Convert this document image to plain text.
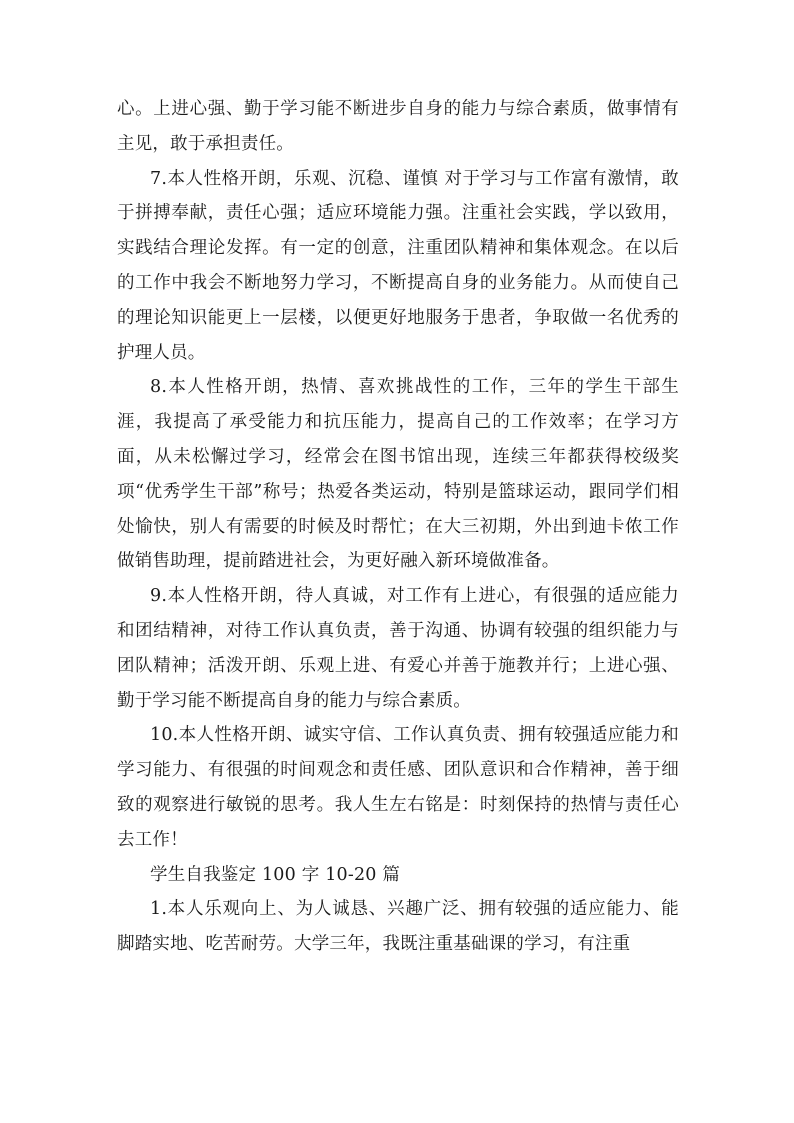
心。上进心强、勤于学习能不断进步自身的能力与综合素质，做事情有主见，敢于承担责任。

7.本人性格开朗，乐观、沉稳、谨慎 对于学习与工作富有激情，敢于拼搏奉献，责任心强；适应环境能力强。注重社会实践，学以致用，实践结合理论发挥。有一定的创意，注重团队精神和集体观念。在以后的工作中我会不断地努力学习，不断提高自身的业务能力。从而使自己的理论知识能更上一层楼，以便更好地服务于患者，争取做一名优秀的护理人员。

8.本人性格开朗，热情、喜欢挑战性的工作，三年的学生干部生涯，我提高了承受能力和抗压能力，提高自己的工作效率；在学习方面，从未松懈过学习，经常会在图书馆出现，连续三年都获得校级奖项“优秀学生干部”称号；热爱各类运动，特别是篮球运动，跟同学们相处愉快，别人有需要的时候及时帮忙；在大三初期，外出到迪卡侬工作做销售助理，提前踏进社会，为更好融入新环境做准备。

9.本人性格开朗，待人真诚，对工作有上进心，有很强的适应能力和团结精神，对待工作认真负责，善于沟通、协调有较强的组织能力与团队精神；活泼开朗、乐观上进、有爱心并善于施教并行；上进心强、勤于学习能不断提高自身的能力与综合素质。

10.本人性格开朗、诚实守信、工作认真负责、拥有较强适应能力和学习能力、有很强的时间观念和责任感、团队意识和合作精神，善于细致的观察进行敏锐的思考。我人生左右铭是：时刻保持的热情与责任心去工作！

学生自我鉴定 100 字 10-20 篇

1.本人乐观向上、为人诚恳、兴趣广泛、拥有较强的适应能力、能脚踏实地、吃苦耐劳。大学三年，我既注重基础课的学习，有注重
